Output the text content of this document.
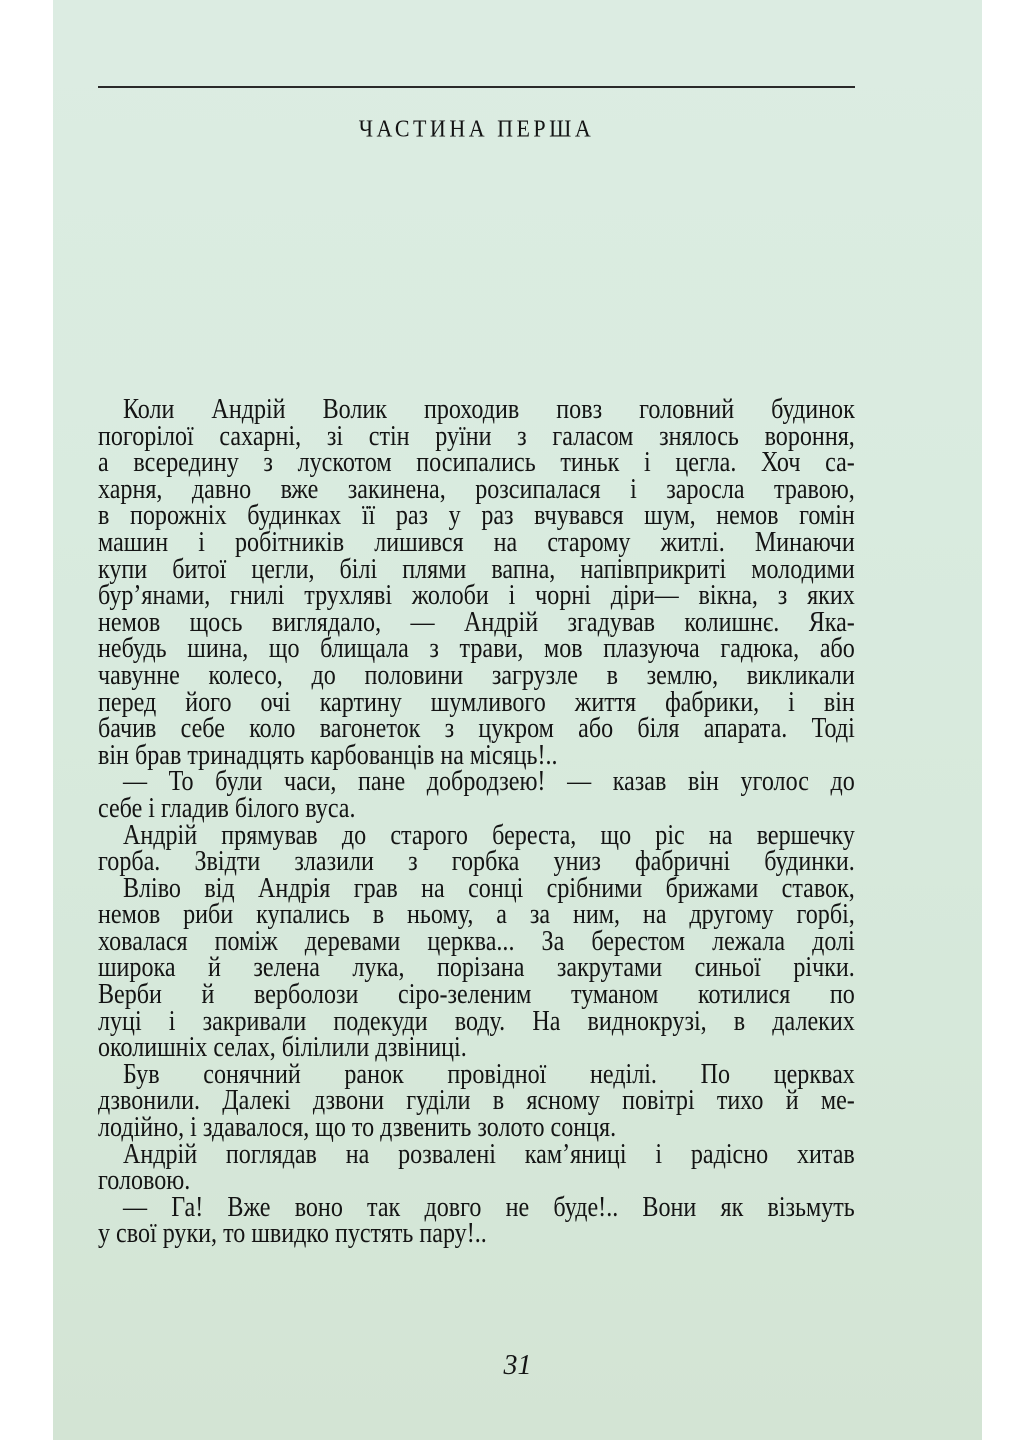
ЧАСТИНА ПЕРША
Коли Андрій Волик проходив повз головний будинок
погорілої сахарні, зі стін руїни з галасом знялось вороння,
а всередину з лускотом посипались тиньк і цегла. Хоч са-
харня, давно вже закинена, розсипалася і заросла травою,
в порожніх будинках її раз у раз вчувався шум, немов гомін
машин і робітників лишився на старому житлі. Минаючи
купи битої цегли, білі плями вапна, напівприкриті молодими
бур’янами, гнилі трухляві жолоби і чорні діри— вікна, з яких
немов щось виглядало, — Андрій згадував колишнє. Яка-
небудь шина, що блищала з трави, мов плазуюча гадюка, або
чавунне колесо, до половини загрузле в землю, викликали
перед його очі картину шумливого життя фабрики, і він
бачив себе коло вагонеток з цукром або біля апарата. Тоді
він брав тринадцять карбованців на місяць!..
— То були часи, пане добродзею! — казав він уголос до
себе і гладив білого вуса.
Андрій прямував до старого береста, що ріс на вершечку
горба. Звідти злазили з горбка униз фабричні будинки.
Вліво від Андрія грав на сонці срібними брижами ставок,
немов риби купались в ньому, а за ним, на другому горбі,
ховалася поміж деревами церква... За берестом лежала долі
широка й зелена лука, порізана закрутами синьої річки.
Верби й верболози сіро-зеленим туманом котилися по
луці і закривали подекуди воду. На виднокрузі, в далеких
околишніх селах, білілили дзвіниці.
Був сонячний ранок провідної неділі. По церквах
дзвонили. Далекі дзвони гуділи в ясному повітрі тихо й ме-
лодійно, і здавалося, що то дзвенить золото сонця.
Андрій поглядав на розвалені кам’яниці і радісно хитав
головою.
— Га! Вже воно так довго не буде!.. Вони як візьмуть
у свої руки, то швидко пустять пару!..
31
